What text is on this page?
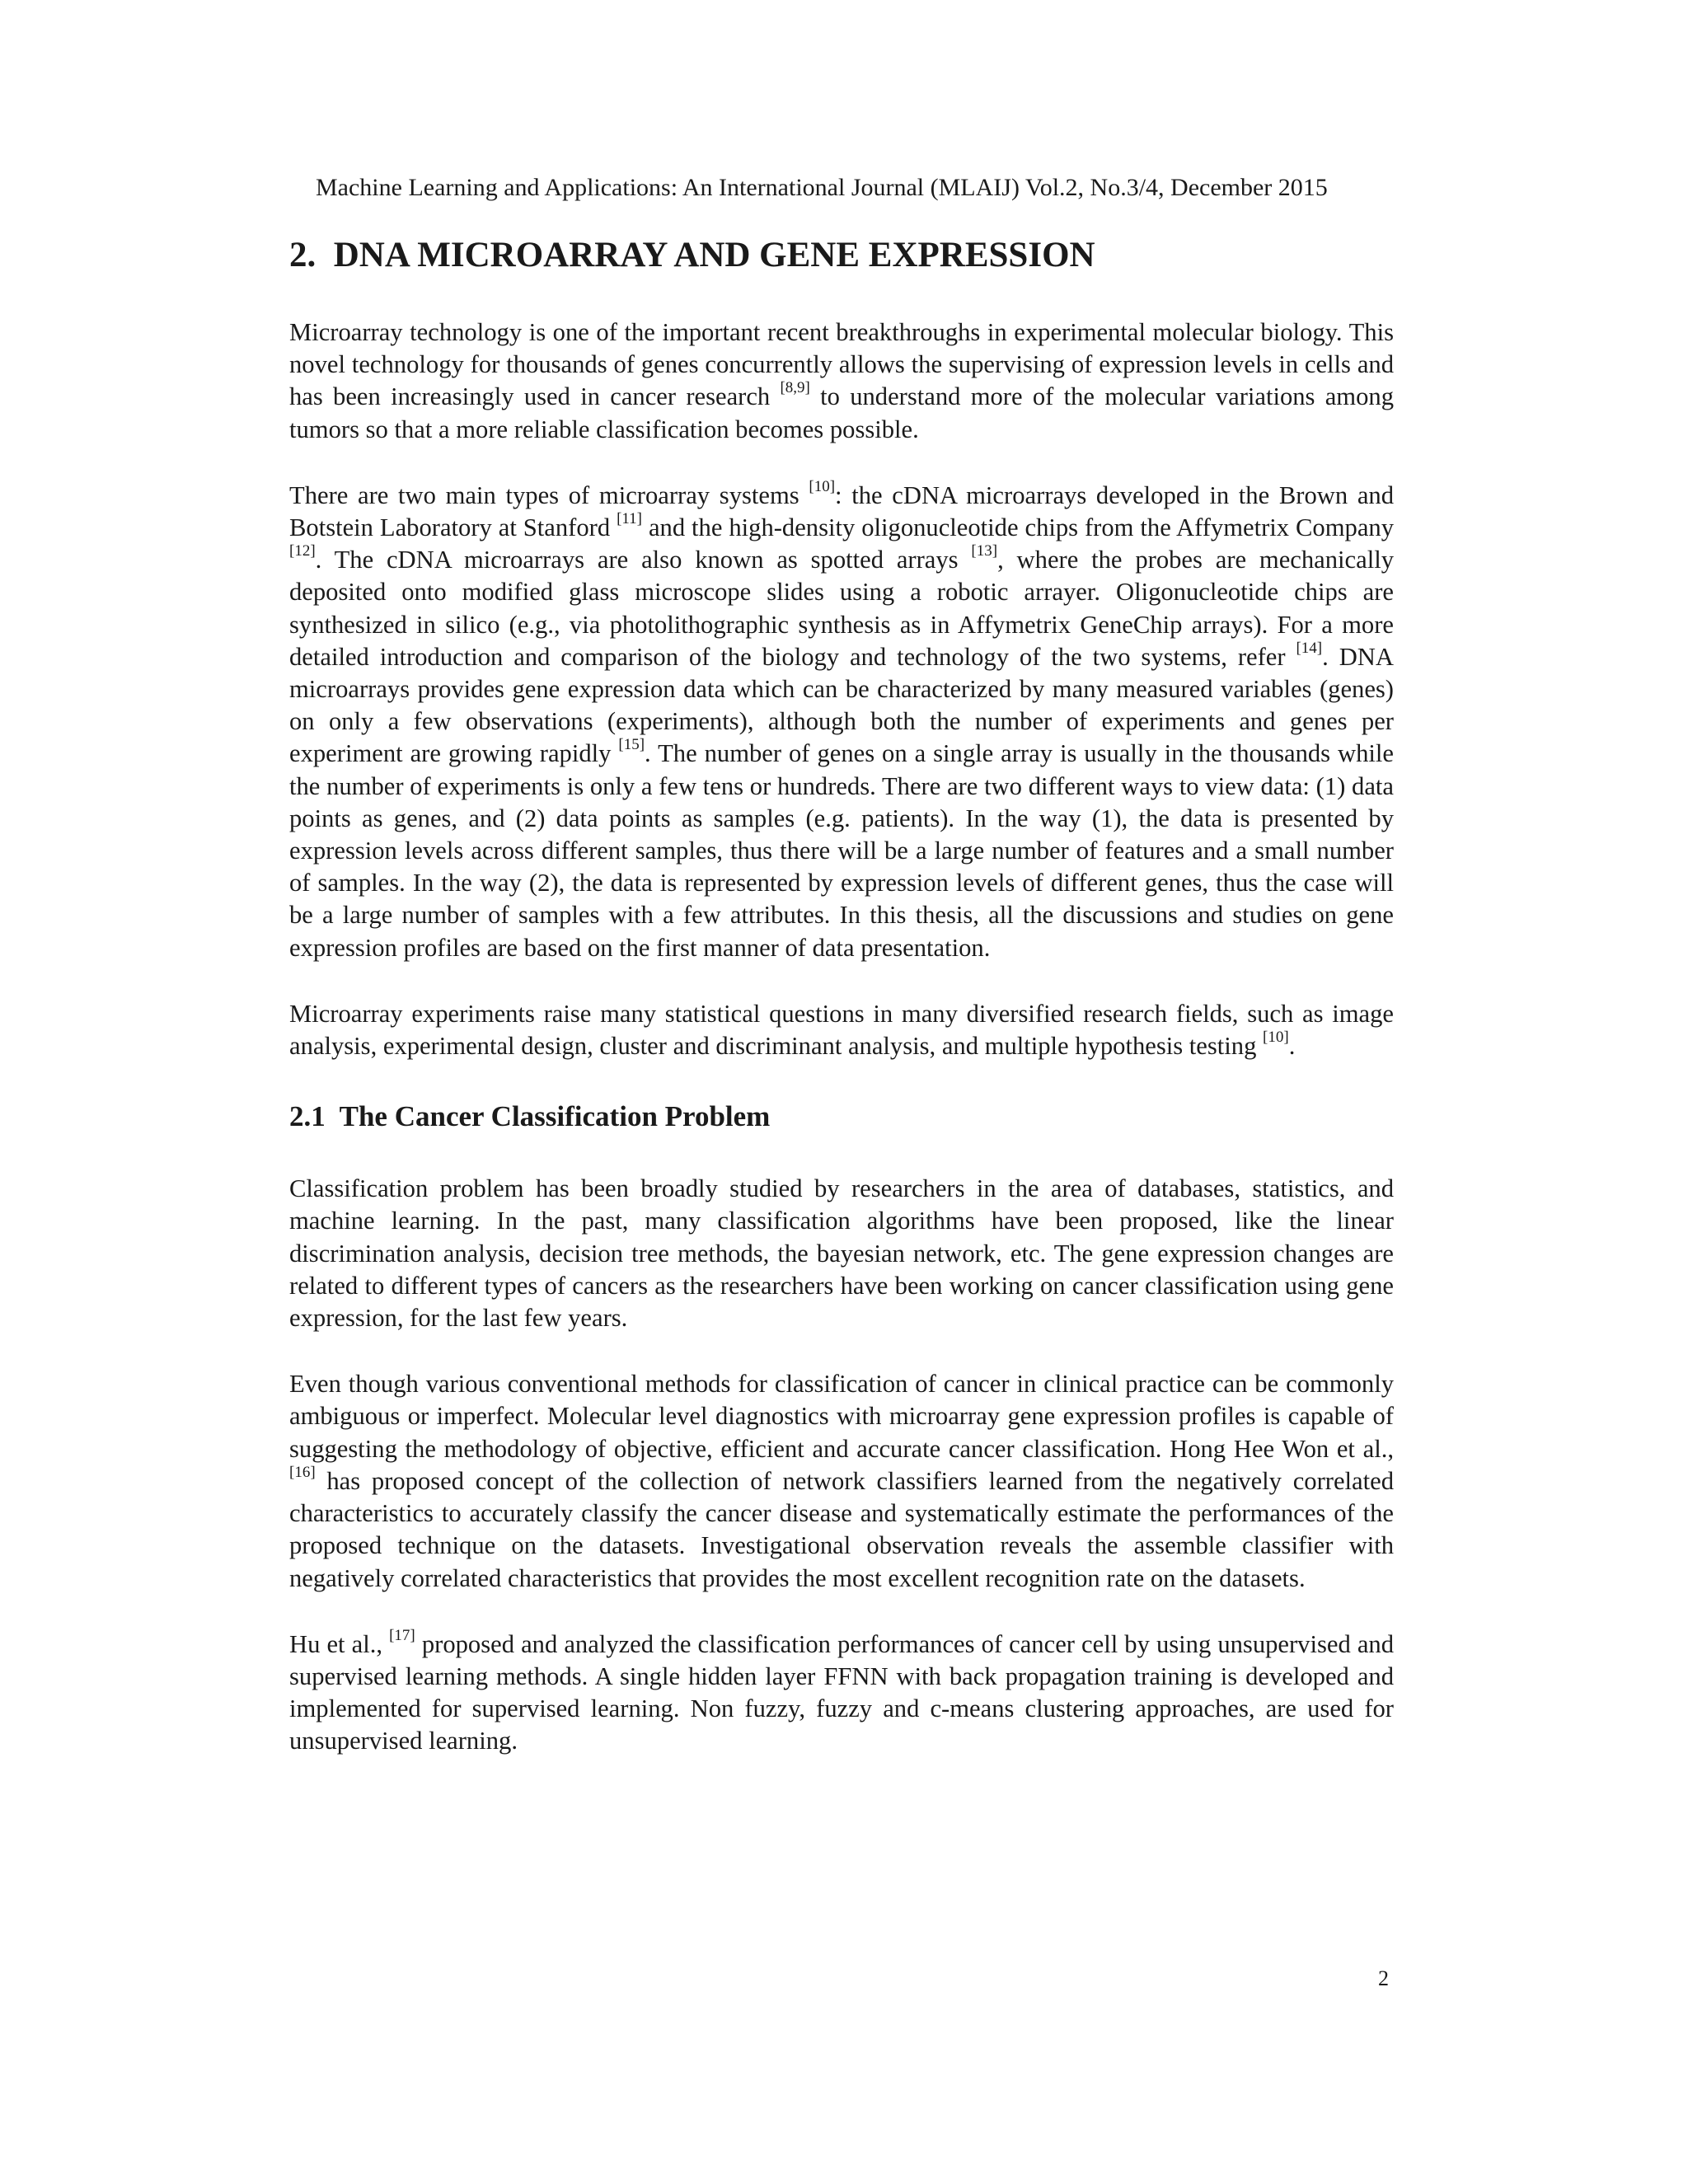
Machine Learning and Applications: An International Journal (MLAIJ) Vol.2, No.3/4, December 2015
2. DNA MICROARRAY AND GENE EXPRESSION

Microarray technology is one of the important recent breakthroughs in experimental molecular biology. This novel technology for thousands of genes concurrently allows the supervising of expression levels in cells and has been increasingly used in cancer research [8,9] to understand more of the molecular variations among tumors so that a more reliable classification becomes possible.

There are two main types of microarray systems [10]: the cDNA microarrays developed in the Brown and Botstein Laboratory at Stanford [11] and the high-density oligonucleotide chips from the Affymetrix Company [12]. The cDNA microarrays are also known as spotted arrays [13], where the probes are mechanically deposited onto modified glass microscope slides using a robotic arrayer. Oligonucleotide chips are synthesized in silico (e.g., via photolithographic synthesis as in Affymetrix GeneChip arrays). For a more detailed introduction and comparison of the biology and technology of the two systems, refer [14]. DNA microarrays provides gene expression data which can be characterized by many measured variables (genes) on only a few observations (experiments), although both the number of experiments and genes per experiment are growing rapidly [15]. The number of genes on a single array is usually in the thousands while the number of experiments is only a few tens or hundreds. There are two different ways to view data: (1) data points as genes, and (2) data points as samples (e.g. patients). In the way (1), the data is presented by expression levels across different samples, thus there will be a large number of features and a small number of samples. In the way (2), the data is represented by expression levels of different genes, thus the case will be a large number of samples with a few attributes. In this thesis, all the discussions and studies on gene expression profiles are based on the first manner of data presentation.

Microarray experiments raise many statistical questions in many diversified research fields, such as image analysis, experimental design, cluster and discriminant analysis, and multiple hypothesis testing [10].

2.1 The Cancer Classification Problem

Classification problem has been broadly studied by researchers in the area of databases, statistics, and machine learning. In the past, many classification algorithms have been proposed, like the linear discrimination analysis, decision tree methods, the bayesian network, etc. The gene expression changes are related to different types of cancers as the researchers have been working on cancer classification using gene expression, for the last few years.

Even though various conventional methods for classification of cancer in clinical practice can be commonly ambiguous or imperfect. Molecular level diagnostics with microarray gene expression profiles is capable of suggesting the methodology of objective, efficient and accurate cancer classification. Hong Hee Won et al., [16] has proposed concept of the collection of network classifiers learned from the negatively correlated characteristics to accurately classify the cancer disease and systematically estimate the performances of the proposed technique on the datasets. Investigational observation reveals the assemble classifier with negatively correlated characteristics that provides the most excellent recognition rate on the datasets.

Hu et al., [17] proposed and analyzed the classification performances of cancer cell by using unsupervised and supervised learning methods. A single hidden layer FFNN with back propagation training is developed and implemented for supervised learning. Non fuzzy, fuzzy and c-means clustering approaches, are used for unsupervised learning.

2
